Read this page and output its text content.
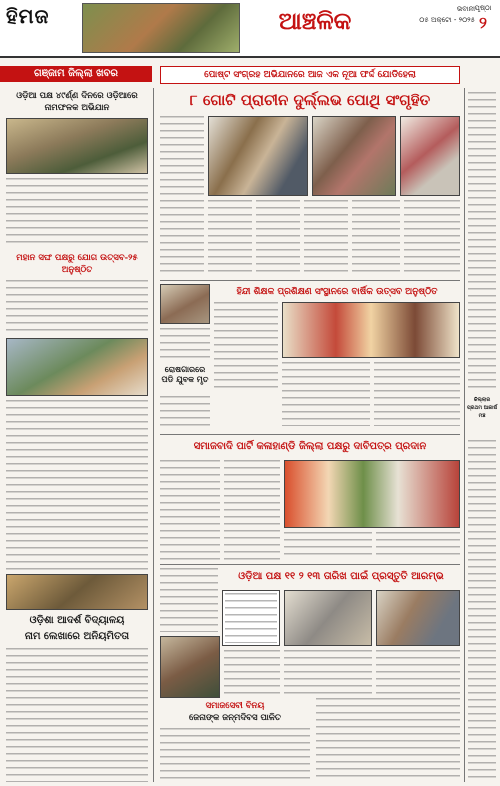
ହିମଜ	ଆଞ୍ଚଳିକ	ଭବାନୀ
୦୫ ଅକ୍ଟୋ - ୨୦୨୫
ପୃଷ୍ଠା
୨
ଗଞ୍ଜାମ ଜିଲ୍ଲା ଖବର	ପୋଷ୍ଟ ସଂଗ୍ରହ ଅଭିଯାନରେ ଆଜ ଏକ ନୂଆ ଫର୍ଦ୍ଦ ଯୋଡିହେଲା
ଓଡ଼ିଆ ପକ୍ଷ ୪୯ର୍ଣ୍ଣ ଦିନରେ ଓଡ଼ିଆରେ ନାମଫଳକ ଅଭିଯାନ
ମହାନ ସଙ୍ଘ ପକ୍ଷରୁ ଯୋଗ ଉତ୍ସବ-୨୫ ଅନୁଷ୍ଠିତ
ଓଡ଼ିଶା ଆଦର୍ଶ ବିଦ୍ୟାଳୟ
ନାମ ଲେଖାରେ ଅନିୟମିତତା
୮ ଗୋଟି ପ୍ରାଚୀନ ଦୁର୍ଲ୍ଲଭ ପୋଥି ସଂଗୃହିତ
ହିନ୍ଦୀ ଶିକ୍ଷକ ପ୍ରଶିକ୍ଷଣ ସଂସ୍ଥାନରେ ବାର୍ଷିକ ଉତ୍ସବ ଅନୁଷ୍ଠିତ
ରୋଷଗାରରେ ପଡି ଯୁବକ ମୃତ
ସମାଜବାଦି ପାର୍ଟି କଳାହାଣ୍ଡି ଜିଲ୍ଲା ପକ୍ଷରୁ ଦାବିପତ୍ର ପ୍ରଦାନ
ଓଡ଼ିଆ ପକ୍ଷ ୧୧ ୨ ୧୩ ତାରିଖ ପାଇଁ ପ୍ରସ୍ତୁତି ଆରମ୍ଭ
ସମାଜସେବୀ ବିନୟ
ଜେନାଙ୍କ ଜନ୍ମଦିବସ ପାଳିତ
କିଲ୍ଲାର ପ୍ରଥମ ଆକାର୍ଷ ମଞ୍ଚ
